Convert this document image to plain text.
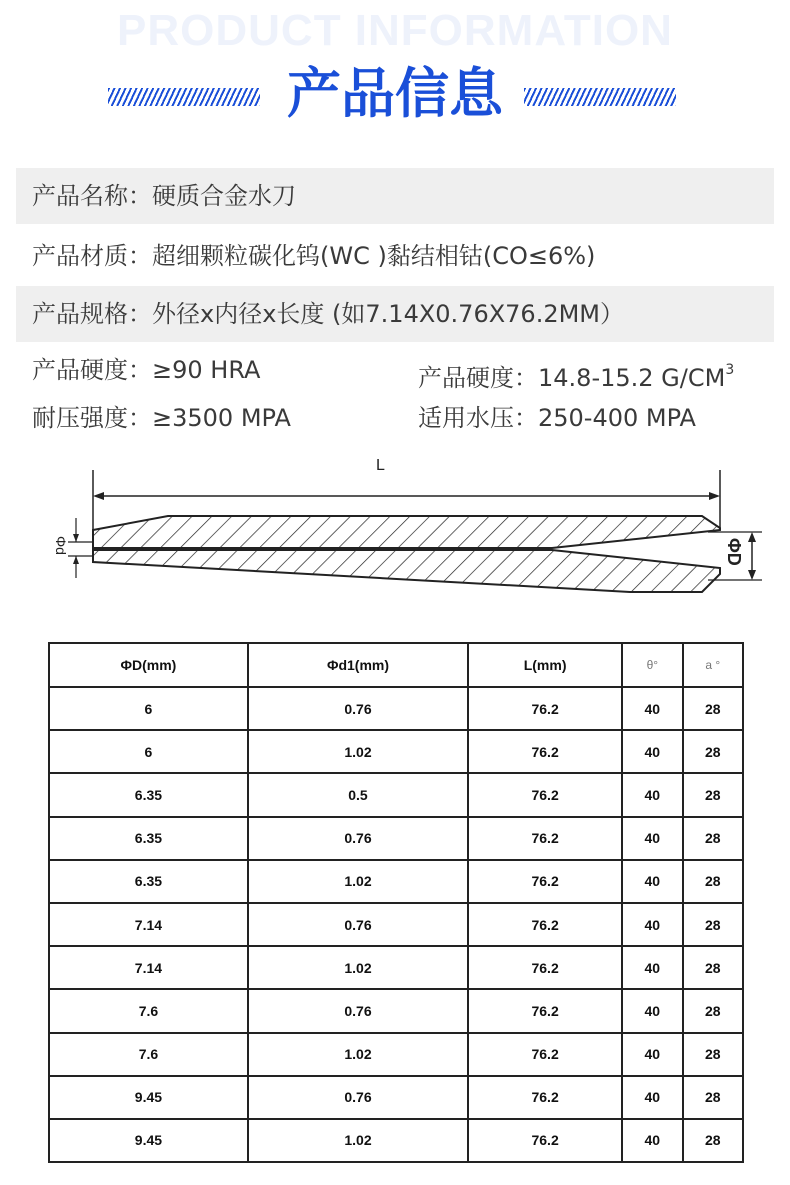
PRODUCT INFORMATION
产品信息
产品名称：硬质合金水刀
产品材质：超细颗粒碳化钨(WC )黏结相钴(CO≤6%)
产品规格：外径x内径x长度 (如7.14X0.76X76.2MM）
产品硬度：≥90 HRA	产品硬度：14.8-15.2 $G/CM^3$
耐压强度：≥3500 MPA	适用水压：250-400 MPA
L
Φd	ΦD
ΦD(mm)	Φd1(mm)	L(mm)	θ°	a °
6	0.76	76.2	40	28
6	1.02	76.2	40	28
6.35	0.5	76.2	40	28
6.35	0.76	76.2	40	28
6.35	1.02	76.2	40	28
7.14	0.76	76.2	40	28
7.14	1.02	76.2	40	28
7.6	0.76	76.2	40	28
7.6	1.02	76.2	40	28
9.45	0.76	76.2	40	28
9.45	1.02	76.2	40	28
